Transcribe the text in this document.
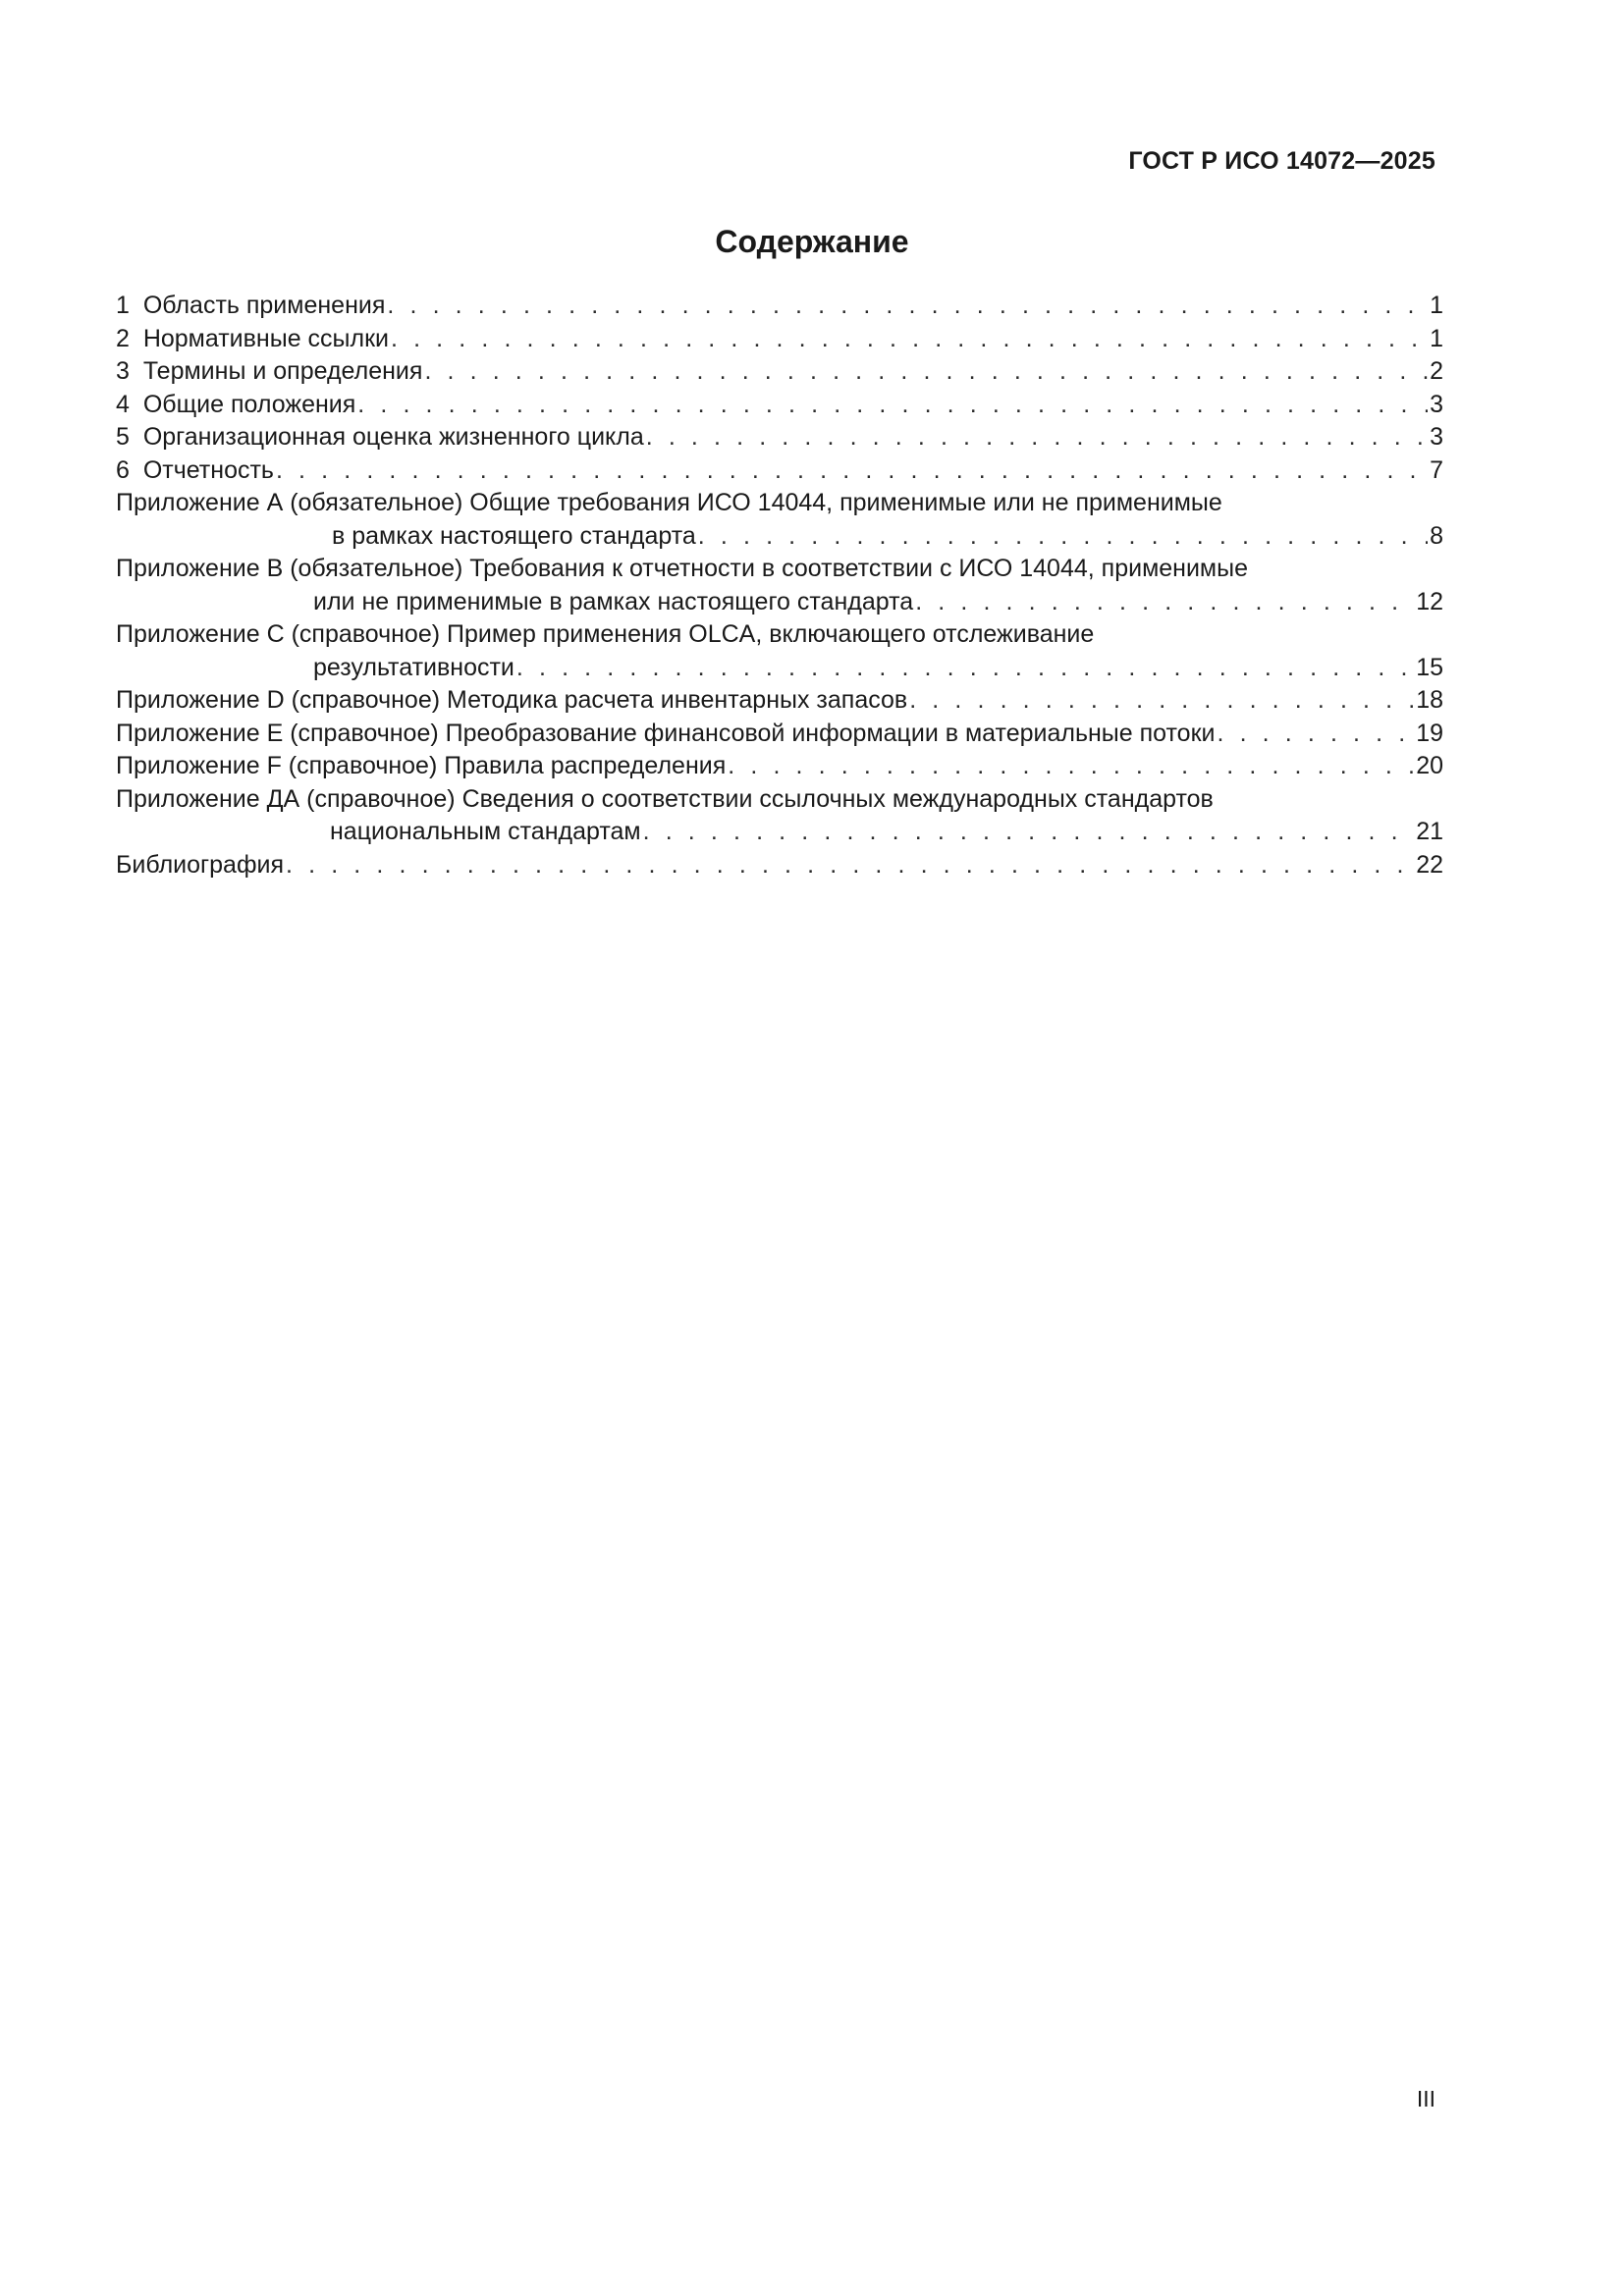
ГОСТ Р ИСО 14072—2025
Содержание
1 Область применения . . .	1
2 Нормативные ссылки . . .	1
3 Термины и определения . . .	2
4 Общие положения . . .	3
5 Организационная оценка жизненного цикла . . .	3
6 Отчетность . . .	7
Приложение А (обязательное) Общие требования ИСО 14044, применимые или не применимые
в рамках настоящего стандарта . . .	8
Приложение В (обязательное) Требования к отчетности в соответствии с ИСО 14044, применимые
или не применимые в рамках настоящего стандарта . . .	12
Приложение С (справочное) Пример применения OLCA, включающего отслеживание
результативности . . .	15
Приложение D (справочное) Методика расчета инвентарных запасов . . .	18
Приложение Е (справочное) Преобразование финансовой информации в материальные потоки . . .	19
Приложение F (справочное) Правила распределения . . .	20
Приложение ДА (справочное) Сведения о соответствии ссылочных международных стандартов
национальным стандартам . . .	21
Библиография . . .	22
III
